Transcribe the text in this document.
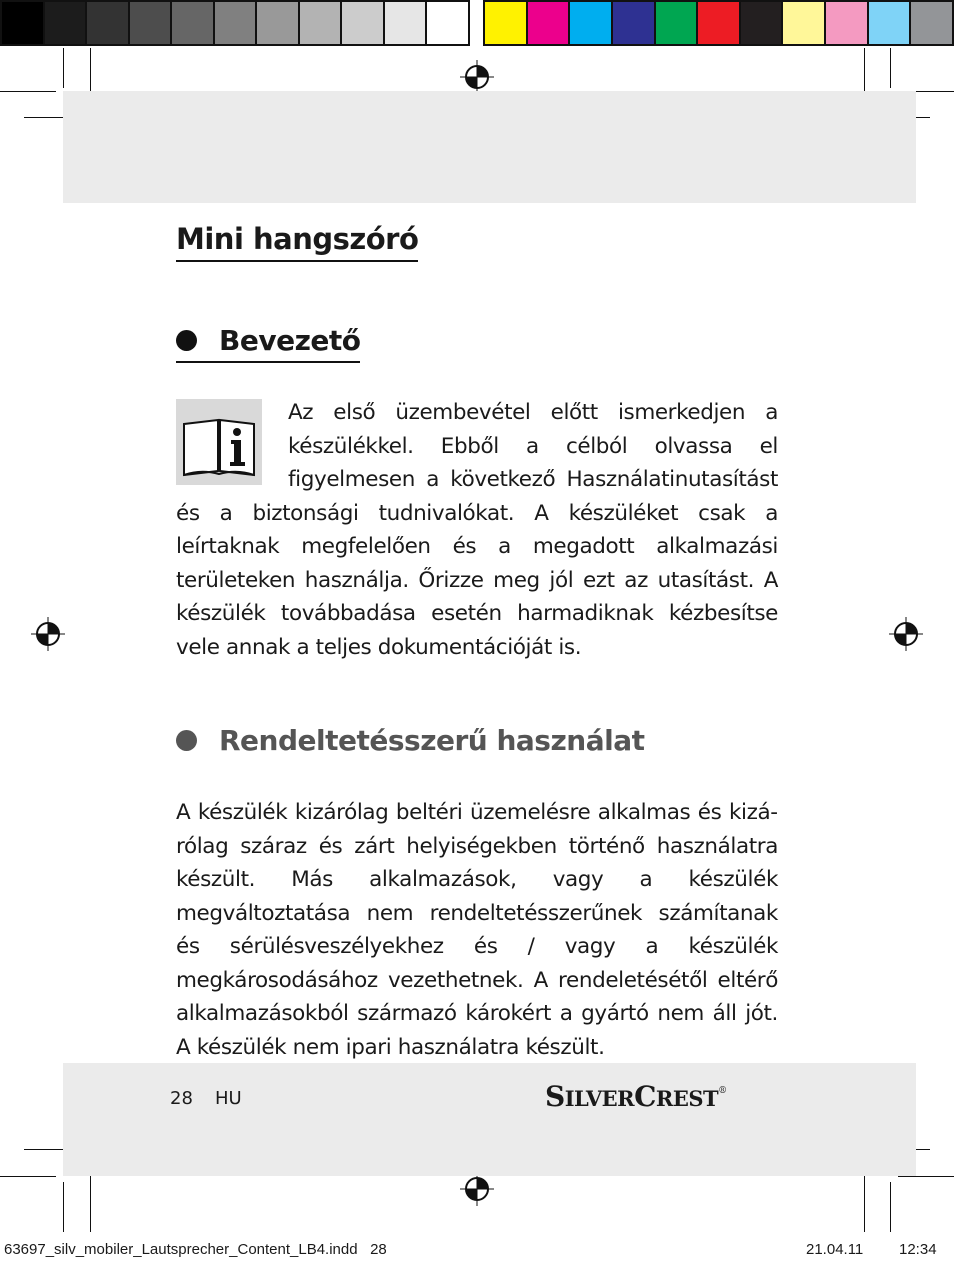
Mini hangszóró
Bevezető
Az első üzembevétel előtt ismerkedjen a készülékkel. Ebből a célból olvassa el figyelmesen a következő Használatinutasítást és a biztonsági tudnivalókat. A készüléket csak a leírtaknak megfelelően és a megadott alkalmazási területeken használja. Őrizze meg jól ezt az utasítást. A készülék továbbadása esetén harmadiknak kézbesítse vele annak a teljes dokumentációját is.
Rendeltetésszerű használat

A készülék kizárólag beltéri üzemelésre alkalmas és kizárólag száraz és zárt helyiségekben történő használatra készült. Más alkalmazások, vagy a készülék megváltoztatása nem rendeltetésszerűnek számítanak és sérülésveszélyekhez és / vagy a készülék megkárosodásához vezethetnek. A rendeletésétől eltérő alkalmazásokból származó károkért a gyártó nem áll jót. A készülék nem ipari használatra készült.

28 HU	SILVERCREST®
63697_silv_mobiler_Lautsprecher_Content_LB4.indd   28	21.04.11 12:34
